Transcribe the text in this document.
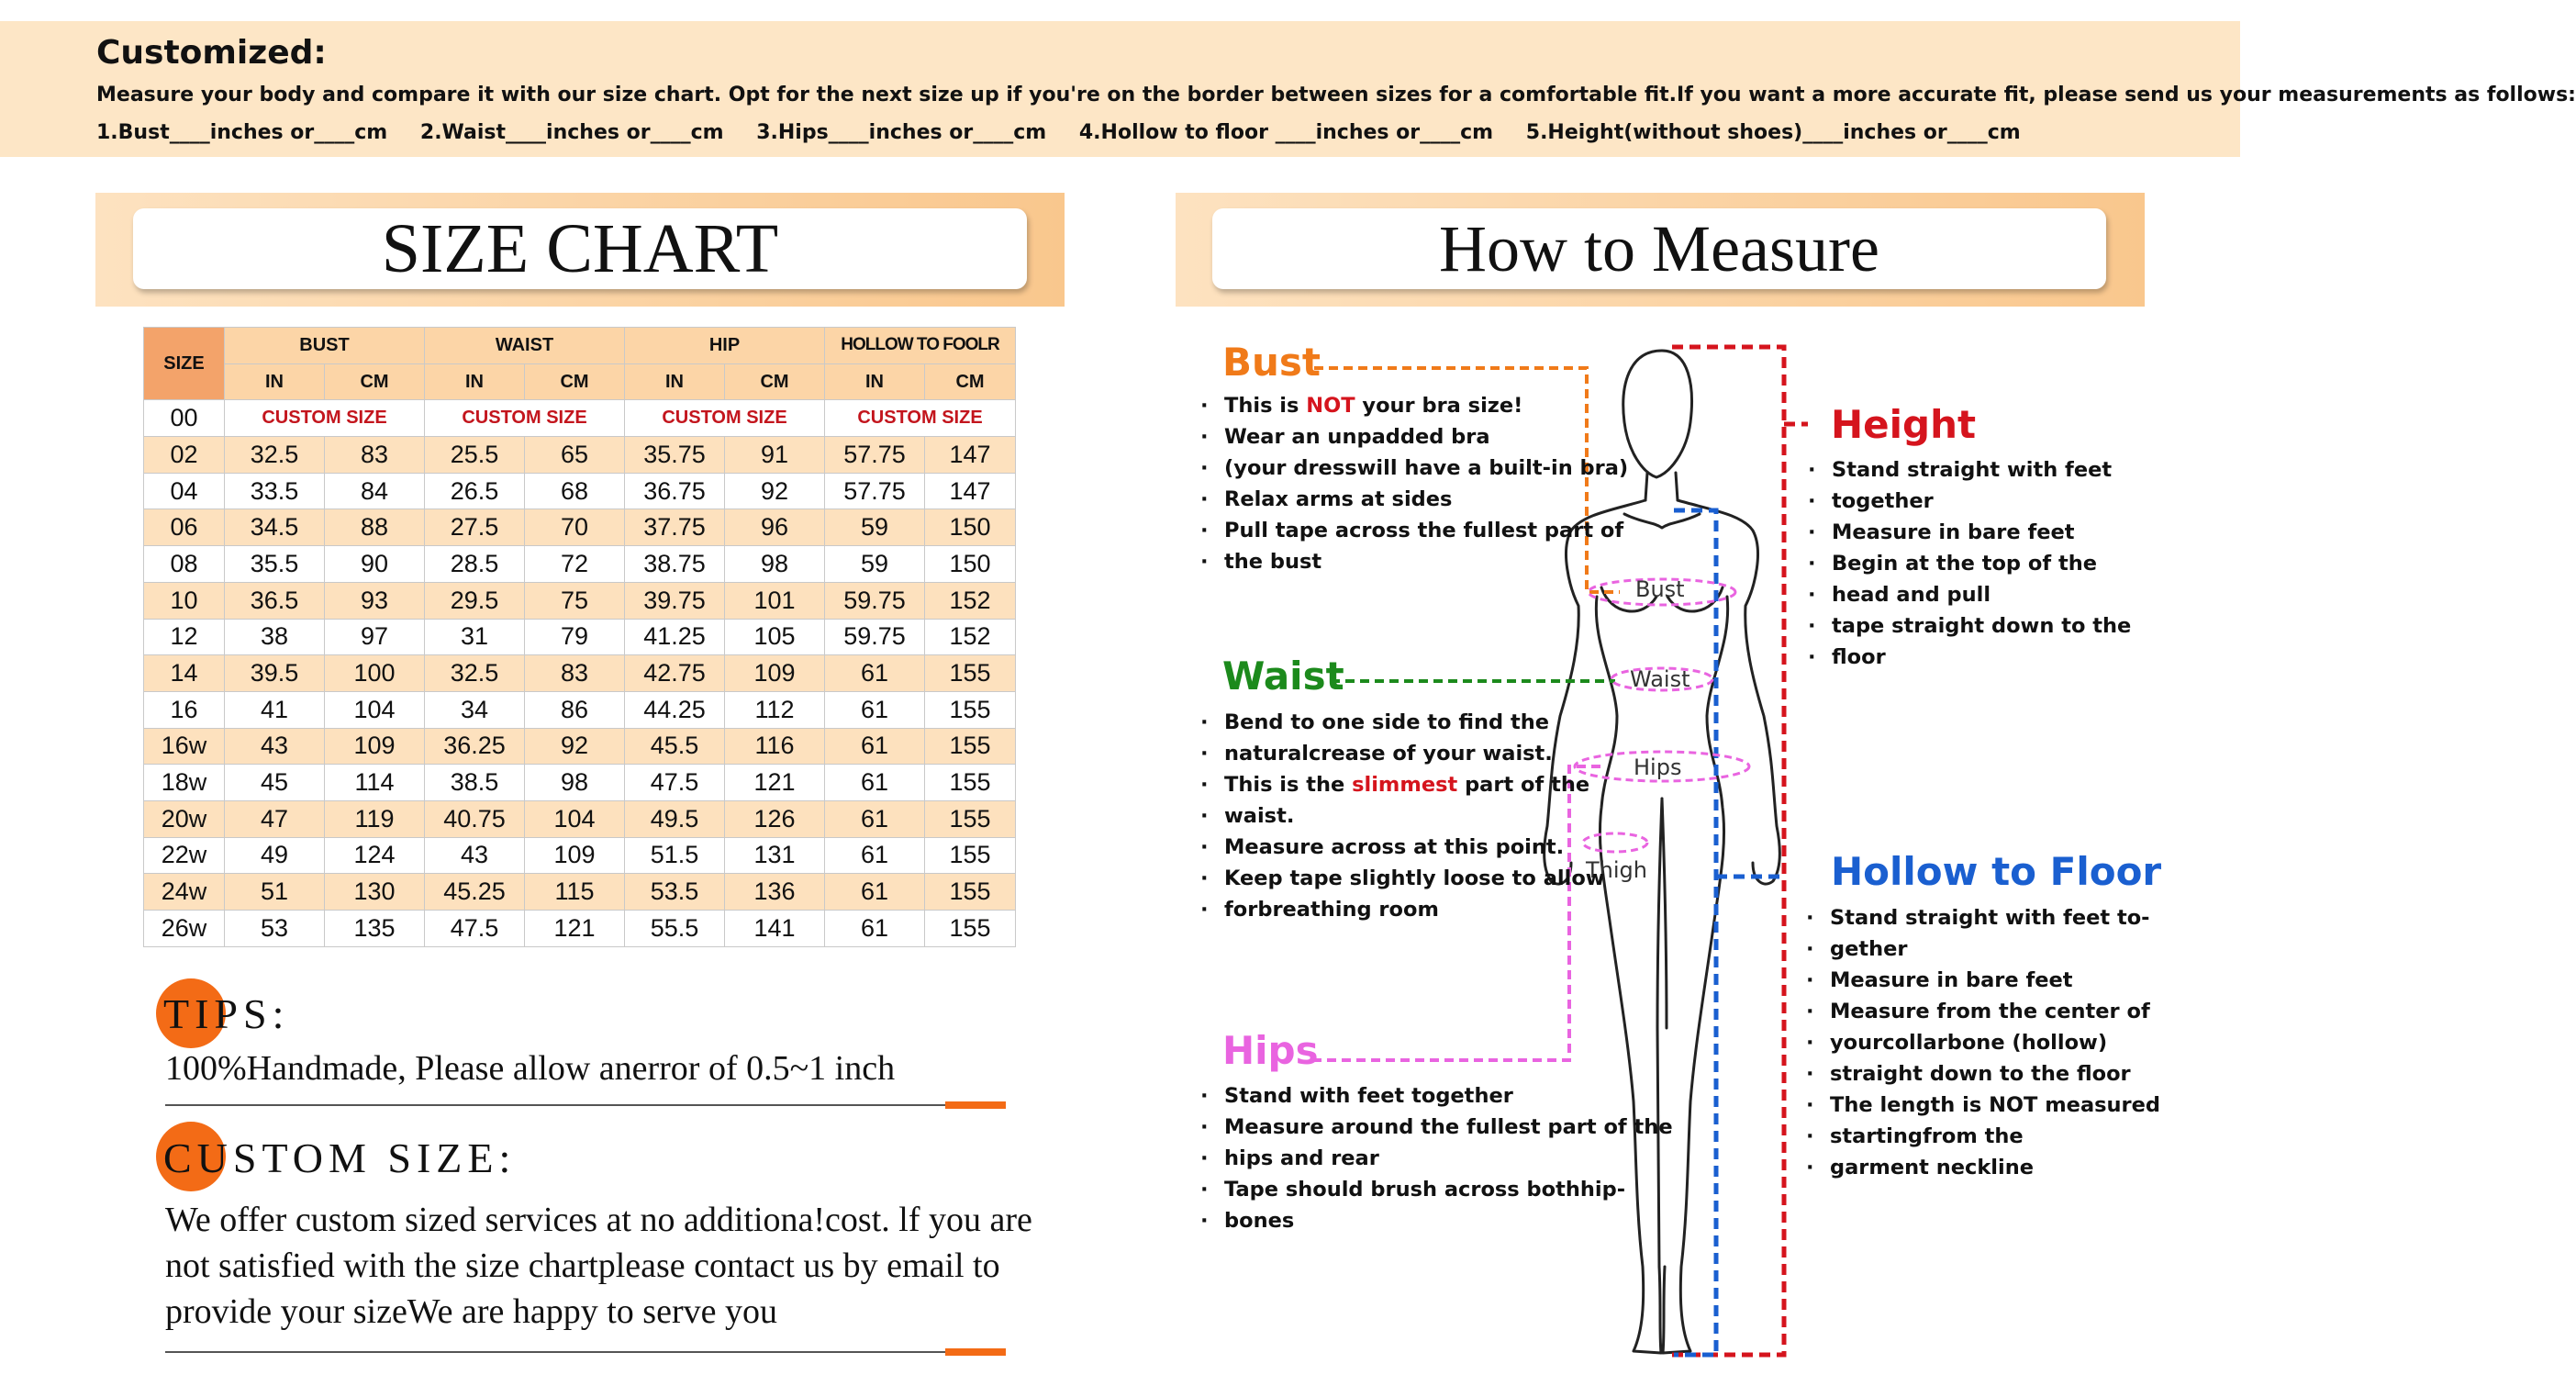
Customized:
Measure your body and compare it with our size chart. Opt for the next size up if you're on the border between sizes for a comfortable fit.If you want a more accurate fit, please send us your measurements as follows:
1.Bust____inches or____cm 2.Waist____inches or____cm 3.Hips____inches or____cm 4.Hollow to floor ____inches or____cm 5.Height(without shoes)____inches or____cm
SIZE CHART
SIZE	BUST		WAIST		HIP		HOLLOW TO FOOLR	
	IN	CM	IN	CM	IN	CM	IN	CM
00	CUSTOM SIZE		CUSTOM SIZE		CUSTOM SIZE		CUSTOM SIZE	
02	32.5	83	25.5	65	35.75	91	57.75	147
04	33.5	84	26.5	68	36.75	92	57.75	147
06	34.5	88	27.5	70	37.75	96	59	150
08	35.5	90	28.5	72	38.75	98	59	150
10	36.5	93	29.5	75	39.75	101	59.75	152
12	38	97	31	79	41.25	105	59.75	152
14	39.5	100	32.5	83	42.75	109	61	155
16	41	104	34	86	44.25	112	61	155
16w	43	109	36.25	92	45.5	116	61	155
18w	45	114	38.5	98	47.5	121	61	155
20w	47	119	40.75	104	49.5	126	61	155
22w	49	124	43	109	51.5	131	61	155
24w	51	130	45.25	115	53.5	136	61	155
26w	53	135	47.5	121	55.5	141	61	155
TIPS:
100%Handmade, Please allow anerror of 0.5~1 inch
CUSTOM SIZE:
We offer custom sized services at no additiona!cost. lf you are not satisfied with the size chartplease contact us by email to provide your sizeWe are happy to serve you
How to Measure
Bust
Waist
Hips
Thigh
Bust
· This is NOT your bra size!
· Wear an unpadded bra
· (your dresswill have a built-in bra)
· Relax arms at sides
· Pull tape across the fullest part of
· the bust
Waist
· Bend to one side to find the
· naturalcrease of your waist.
· This is the slimmest part of the
· waist.
· Measure across at this point.
· Keep tape slightly loose to allow
· forbreathing room
Hips
· Stand with feet together
· Measure around the fullest part of the
· hips and rear
· Tape should brush across bothhip-
· bones
Height
· Stand straight with feet
· together
· Measure in bare feet
· Begin at the top of the
· head and pull
· tape straight down to the
· floor
Hollow to Floor
· Stand straight with feet to-
· gether
· Measure in bare feet
· Measure from the center of
· yourcollarbone (hollow)
· straight down to the floor
· The length is NOT measured
· startingfrom the
· garment neckline
